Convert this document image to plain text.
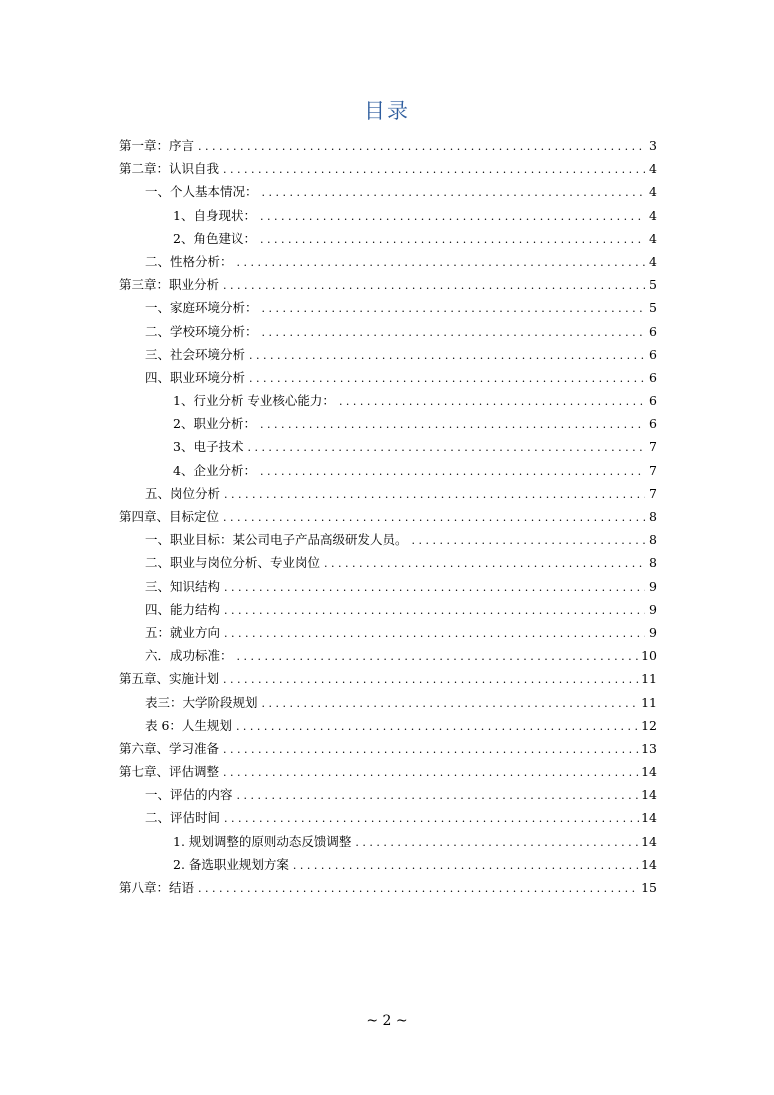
目录
第一章：序言 . . .	3
第二章：认识自我 . . .	4
一、个人基本情况： . . .	4
1、自身现状： . . .	4
2、角色建议： . . .	4
二、性格分析： . . .	4
第三章：职业分析 . . .	5
一、家庭环境分析： . . .	5
二、学校环境分析： . . .	6
三、社会环境分析 . . .	6
四、职业环境分析 . . .	6
1、行业分析 专业核心能力： . . .	6
2、职业分析： . . .	6
3、电子技术 . . .	7
4、企业分析： . . .	7
五、岗位分析 . . .	7
第四章、目标定位 . . .	8
一、职业目标：某公司电子产品高级研发人员。 . . .	8
二、职业与岗位分析、专业岗位 . . .	8
三、知识结构 . . .	9
四、能力结构 . . .	9
五：就业方向 . . .	9
六．成功标准： . . .	10
第五章、实施计划 . . .	11
表三：大学阶段规划 . . .	11
表 6：人生规划 . . .	12
第六章、学习准备 . . .	13
第七章、评估调整 . . .	14
一、评估的内容 . . .	14
二、评估时间 . . .	14
1. 规划调整的原则动态反馈调整 . . .	14
2. 备选职业规划方案 . . .	14
第八章：结语 . . .	15
~ 2 ~
